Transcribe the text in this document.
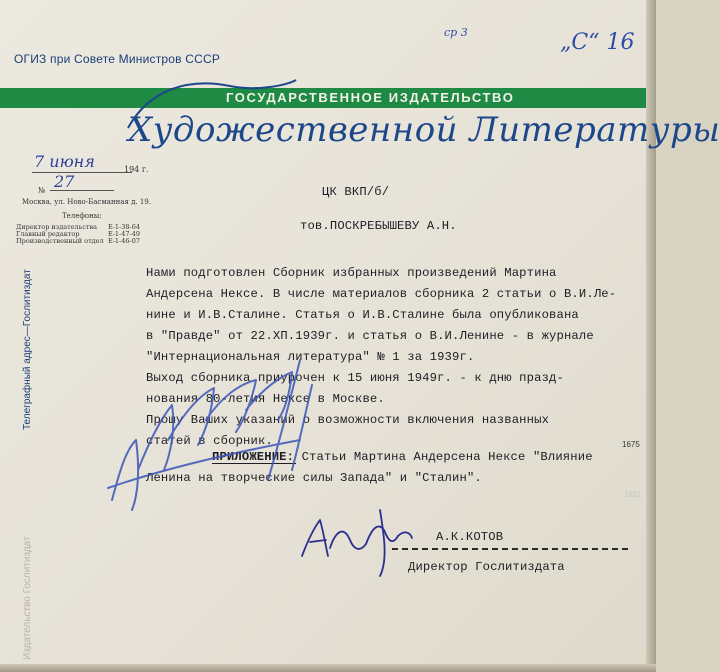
ср 3	„С“ 16
ОГИЗ при Совете Министров СССР
ГОСУДАРСТВЕННОЕ ИЗДАТЕЛЬСТВО
Художественной Литературы
7 июня	194 г.
№ 27
Москва, ул. Ново-Басманная д. 19.
Телефоны:
Директор издательства Е-1-38-64
Главный редактор	Е-1-47-49
Производственный отдел Е-1-46-07
Телеграфный адрес—Гослитиздат
Издательство Гослитиздат
ЦК ВКП/б/
тов.ПОСКРЕБЫШЕВУ А.Н.
Нами подготовлен Сборник избранных произведений Мартина
Андерсена Нексе. В числе материалов сборника 2 статьи о В.И.Ле-
нине и И.В.Сталине. Статья о И.В.Сталине была опубликована
в "Правде" от 22.ХП.1939г. и статья о В.И.Ленине - в журнале
"Интернациональная литература" № 1 за 1939г.
Выход сборника приурочен к 15 июня 1949г. - к дню празд-
нования 80-летия Нексе в Москве.
Прошу Ваших указаний о возможности включения названных
статей в сборник.
ПРИЛОЖЕНИЕ: Статьи Мартина Андерсена Нексе "Влияние
Ленина на творческие силы Запада" и "Сталин".
1675
1611
А.К.КОТОВ
Директор Гослитиздата
